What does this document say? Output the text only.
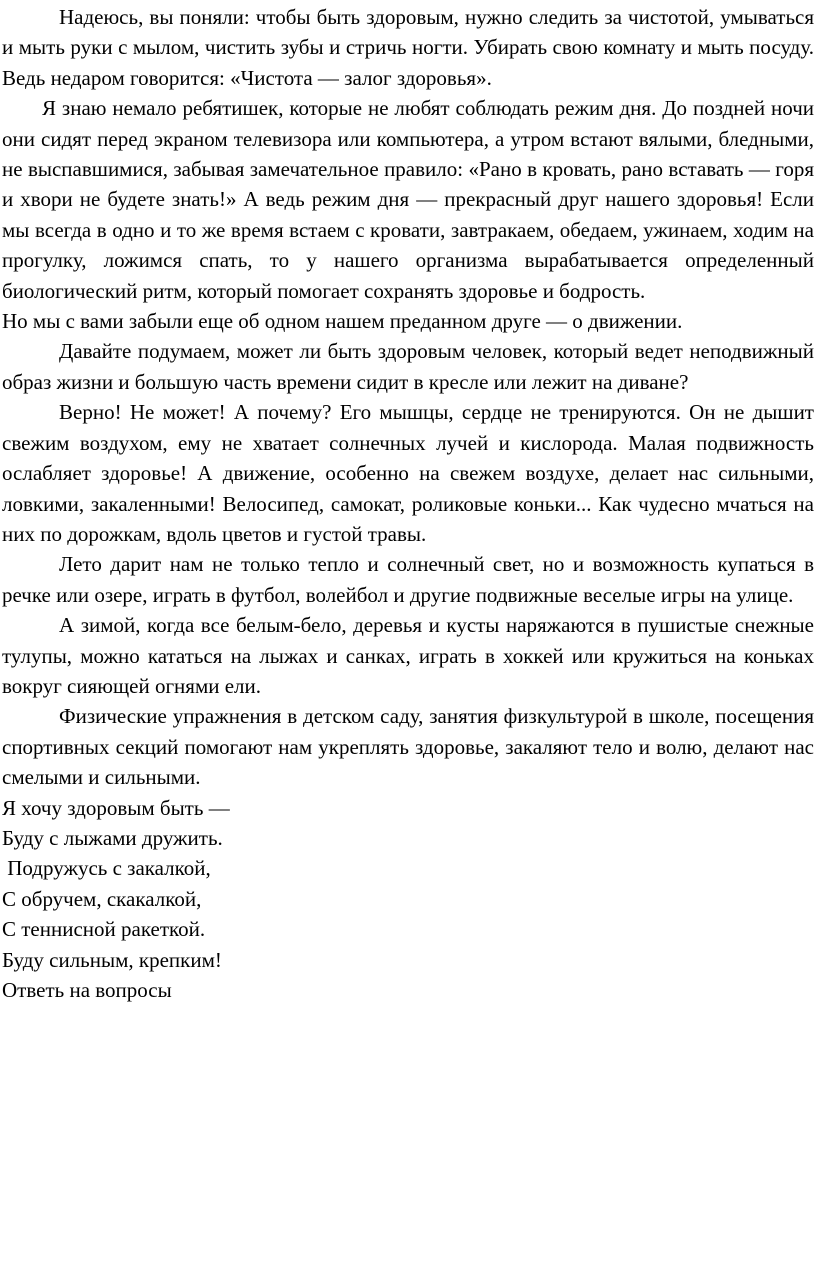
Надеюсь, вы поняли: чтобы быть здоровым, нужно следить за чистотой, умываться и мыть руки с мылом, чистить зубы и стричь ногти. Убирать свою комнату и мыть посуду. Ведь недаром говорится: «Чистота — залог здоровья».

Я знаю немало ребятишек, которые не любят соблюдать режим дня. До поздней ночи они сидят перед экраном телевизора или компьютера, а утром встают вялыми, бледными, не выспавшимися, забывая замечательное правило: «Рано в кровать, рано вставать — горя и хвори не будете знать!» А ведь режим дня — прекрасный друг нашего здоровья! Если мы всегда в одно и то же время встаем с кровати, завтракаем, обедаем, ужинаем, ходим на прогулку, ложимся спать, то у нашего организма вырабатывается определенный биологический ритм, который помогает сохранять здоровье и бодрость.

Но мы с вами забыли еще об одном нашем преданном друге — о движении.

Давайте подумаем, может ли быть здоровым человек, который ведет неподвижный образ жизни и большую часть времени сидит в кресле или лежит на диване?

Верно! Не может! А почему? Его мышцы, сердце не тренируются. Он не дышит свежим воздухом, ему не хватает солнечных лучей и кислорода. Малая подвижность ослабляет здоровье! А движение, особенно на свежем воздухе, делает нас сильными, ловкими, закаленными! Велосипед, самокат, роликовые коньки... Как чудесно мчаться на них по дорожкам, вдоль цветов и густой травы.

Лето дарит нам не только тепло и солнечный свет, но и возможность купаться в речке или озере, играть в футбол, волейбол и другие подвижные веселые игры на улице.

А зимой, когда все белым-бело, деревья и кусты наряжаются в пушистые снежные тулупы, можно кататься на лыжах и санках, играть в хоккей или кружиться на коньках вокруг сияющей огнями ели.

Физические упражнения в детском саду, занятия физкультурой в школе, посещения спортивных секций помогают нам укреплять здоровье, закаляют тело и волю, делают нас смелыми и сильными.

Я хочу здоровым быть —

Буду с лыжами дружить.

Подружусь с закалкой,

С обручем, скакалкой,

С теннисной ракеткой.

Буду сильным, крепким!

Ответь на вопросы
